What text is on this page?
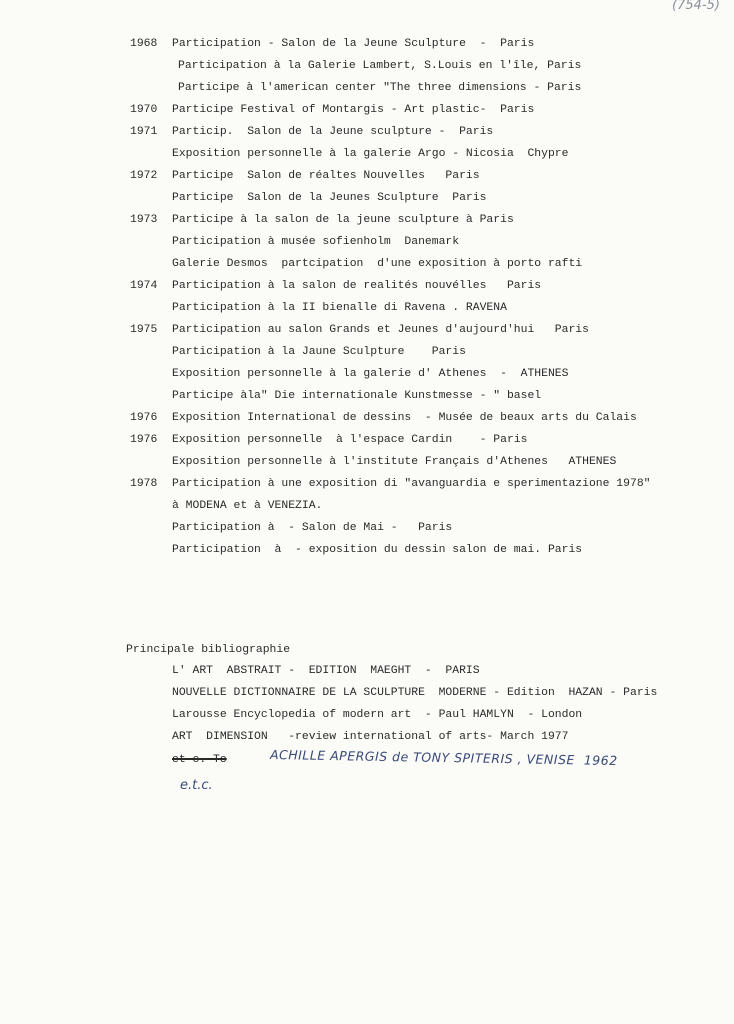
(754-5)
1968 Participation - Salon de la Jeune Sculpture  -  Paris
Participation à la Galerie Lambert, S.Louis en l'île, Paris
Participe à l'american center "The three dimensions - Paris
1970 Participe Festival of Montargis - Art plastic-  Paris
1971 Particip.  Salon de la Jeune sculpture -  Paris
Exposition personnelle à la galerie Argo - Nicosia  Chypre
1972 Participe  Salon de réaltes Nouvelles   Paris
Participe  Salon de la Jeunes Sculpture  Paris
1973 Participe à la salon de la jeune sculpture à Paris
Participation à musée sofienholm  Danemark
Galerie Desmos  partcipation  d'une exposition à porto rafti
1974 Participation à la salon de realités nouvélles   Paris
Participation à la II bienalle di Ravena . RAVENA
1975 Participation au salon Grands et Jeunes d'aujourd'hui   Paris
Participation à la Jaune Sculpture    Paris
Exposition personnelle à la galerie d' Athenes  -  ATHENES
Participe àla" Die internationale Kunstmesse - " basel
1976 Exposition International de dessins  - Musée de beaux arts du Calais
1976 Exposition personnelle  à l'espace Cardin    - Paris
Exposition personnelle à l'institute Français d'Athenes   ATHENES
1978 Participation à une exposition di "avanguardia e sperimentazione 1978"
à MODENA et à VENEZIA.
Participation à  - Salon de Mai -   Paris
Participation  à  - exposition du dessin salon de mai. Paris
Principale bibliographie
L' ART  ABSTRAIT -  EDITION  MAEGHT  -  PARIS
NOUVELLE DICTIONNAIRE DE LA SCULPTURE  MODERNE - Edition  HAZAN - Paris
Larousse Encyclopedia of modern art  - Paul HAMLYN  - London
ART  DIMENSION   -review international of arts- March 1977
et c. To	ACHILLE APERGIS de TONY SPITERIS , VENISE  1962
e.t.c.
